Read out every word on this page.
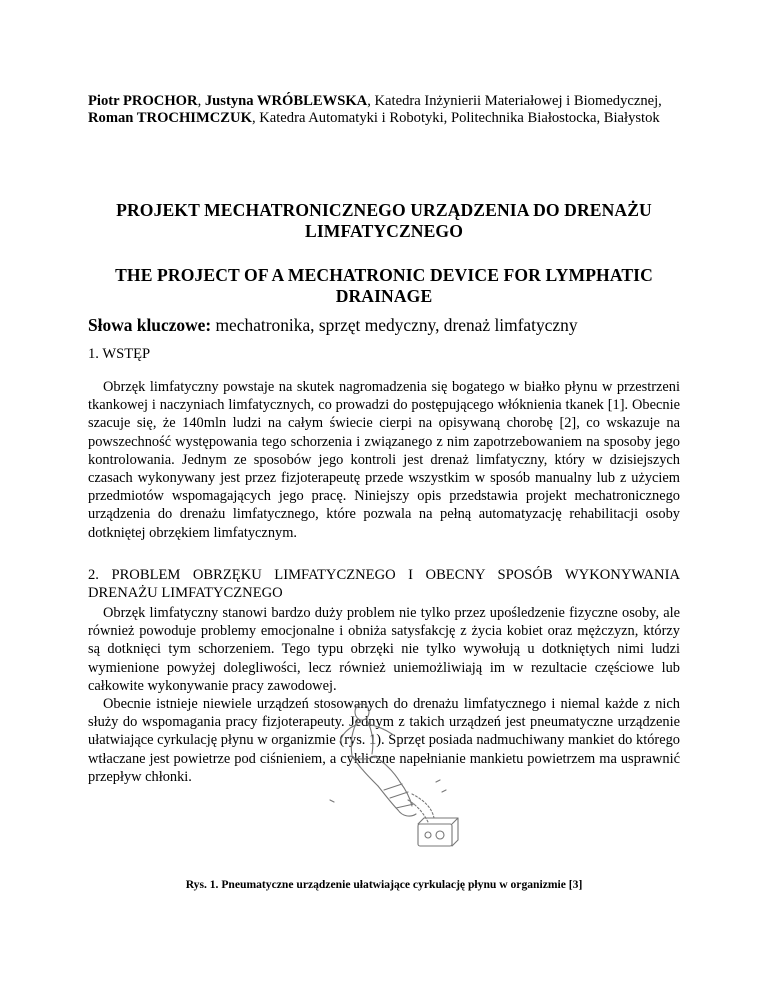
Piotr PROCHOR, Justyna WRÓBLEWSKA, Katedra Inżynierii Materiałowej i Biomedycznej, Roman TROCHIMCZUK, Katedra Automatyki i Robotyki, Politechnika Białostocka, Białystok
PROJEKT MECHATRONICZNEGO URZĄDZENIA DO DRENAŻU LIMFATYCZNEGO
THE PROJECT OF A MECHATRONIC DEVICE FOR LYMPHATIC DRAINAGE
Słowa kluczowe: mechatronika, sprzęt medyczny, drenaż limfatyczny
1. WSTĘP

Obrzęk limfatyczny powstaje na skutek nagromadzenia się bogatego w białko płynu w przestrzeni tkankowej i naczyniach limfatycznych, co prowadzi do postępującego włóknienia tkanek [1]. Obecnie szacuje się, że 140mln ludzi na całym świecie cierpi na opisywaną chorobę [2], co wskazuje na powszechność występowania tego schorzenia i związanego z nim zapotrzebowaniem na sposoby jego kontrolowania. Jednym ze sposobów jego kontroli jest drenaż limfatyczny, który w dzisiejszych czasach wykonywany jest przez fizjoterapeutę przede wszystkim w sposób manualny lub z użyciem przedmiotów wspomagających jego pracę. Niniejszy opis przedstawia projekt mechatronicznego urządzenia do drenażu limfatycznego, które pozwala na pełną automatyzację rehabilitacji osoby dotkniętej obrzękiem limfatycznym.

2. PROBLEM OBRZĘKU LIMFATYCZNEGO I OBECNY SPOSÓB WYKONYWANIA
DRENAŻU LIMFATYCZNEGO

Obrzęk limfatyczny stanowi bardzo duży problem nie tylko przez upośledzenie fizyczne osoby, ale również powoduje problemy emocjonalne i obniża satysfakcję z życia kobiet oraz mężczyzn, którzy są dotknięci tym schorzeniem. Tego typu obrzęki nie tylko wywołują u dotkniętych nimi ludzi wymienione powyżej dolegliwości, lecz również uniemożliwiają im w rezultacie częściowe lub całkowite wykonywanie pracy zawodowej.

Obecnie istnieje niewiele urządzeń stosowanych do drenażu limfatycznego i niemal każde z nich służy do wspomagania pracy fizjoterapeuty. Jednym z takich urządzeń jest pneumatyczne urządzenie ułatwiające cyrkulację płynu w organizmie (rys. 1). Sprzęt posiada nadmuchiwany mankiet do którego wtłaczane jest powietrze pod ciśnieniem, a cykliczne napełnianie mankietu powietrzem ma usprawnić przepływ chłonki.

Rys. 1. Pneumatyczne urządzenie ułatwiające cyrkulację płynu w organizmie [3]
